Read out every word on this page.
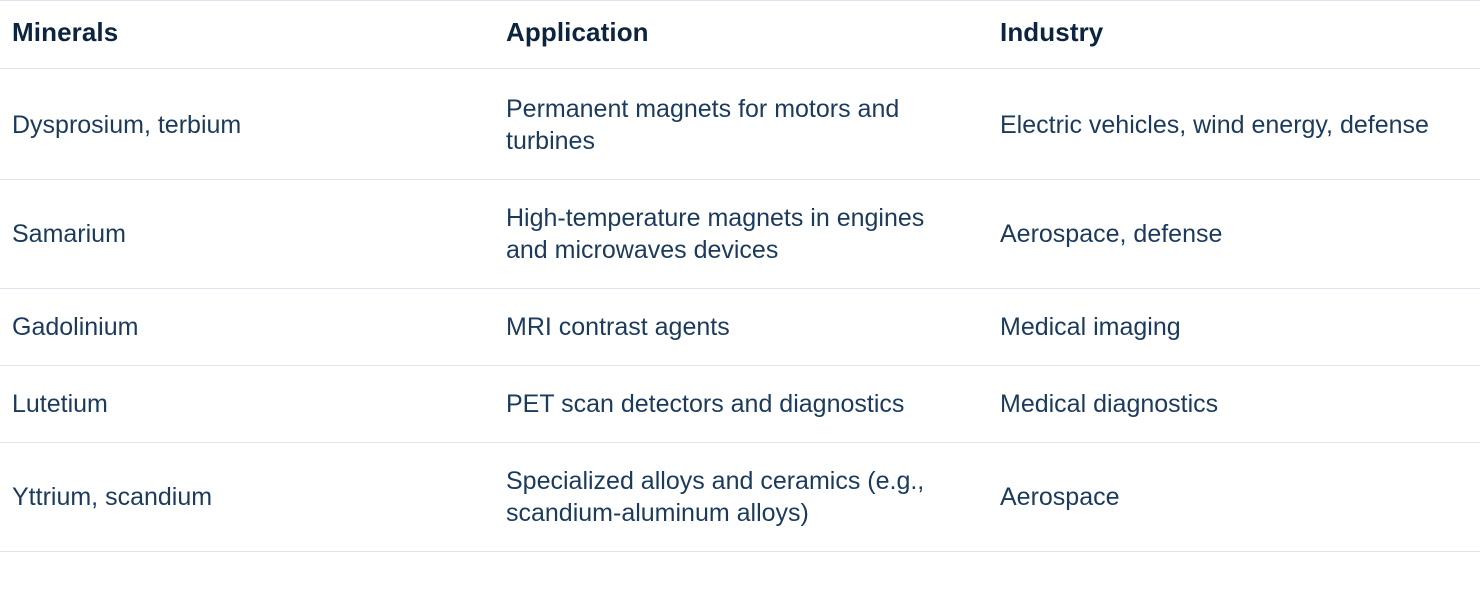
Minerals	Application	Industry
Dysprosium, terbium	Permanent magnets for motors and turbines	Electric vehicles, wind energy, defense
Samarium	High-temperature magnets in engines and microwaves devices	Aerospace, defense
Gadolinium	MRI contrast agents	Medical imaging
Lutetium	PET scan detectors and diagnostics	Medical diagnostics
Yttrium, scandium	Specialized alloys and ceramics (e.g., scandium-aluminum alloys)	Aerospace
